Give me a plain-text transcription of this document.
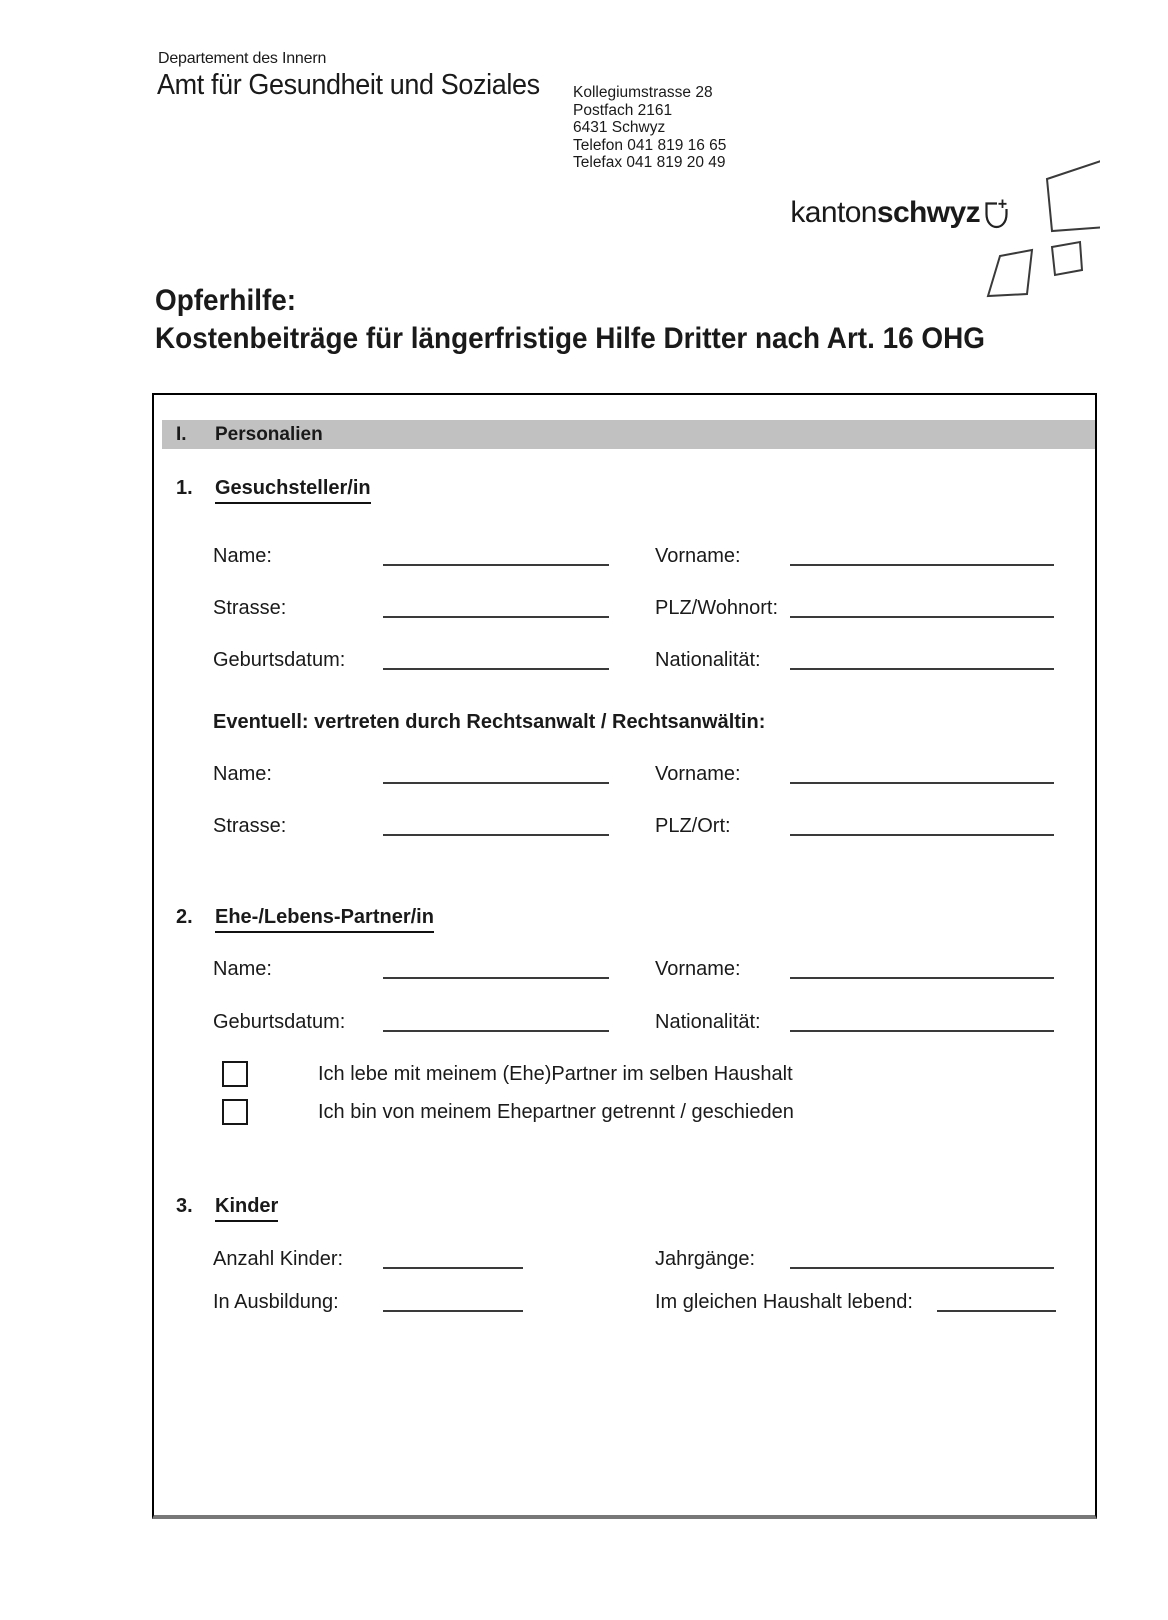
Departement des Innern
Amt für Gesundheit und Soziales Kollegiumstrasse 28
Postfach 2161
6431 Schwyz
Telefon 041 819 16 65
Telefax 041 819 20 49
kanton schwyz
Opferhilfe:
Kostenbeiträge für längerfristige Hilfe Dritter nach Art. 16 OHG
I. Personalien
1. Gesuchsteller/in
Name:	Vorname:
Strasse:	PLZ/Wohnort:
Geburtsdatum:	Nationalität:
Eventuell: vertreten durch Rechtsanwalt / Rechtsanwältin:
Name:	Vorname:
Strasse:	PLZ/Ort:
2. Ehe-/Lebens-Partner/in
Name:	Vorname:
Geburtsdatum:	Nationalität:
Ich lebe mit meinem (Ehe)Partner im selben Haushalt
Ich bin von meinem Ehepartner getrennt / geschieden
3. Kinder
Anzahl Kinder:	Jahrgänge:
In Ausbildung:	Im gleichen Haushalt lebend:
